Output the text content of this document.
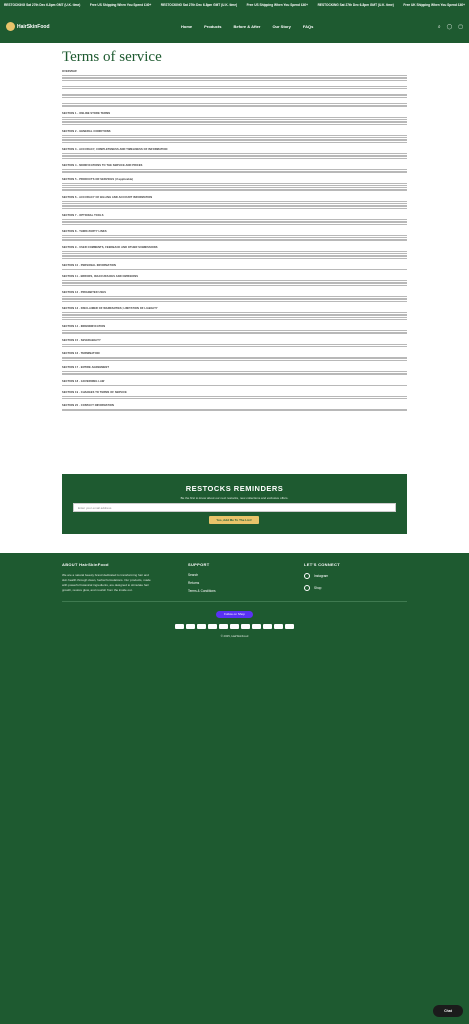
RESTOCKING Sat 27th Dec 6-8pm GMT (U.K. time)	Free US Shipping When You Spend £40+	RESTOCKING Sat 27th Dec 6-8pm GMT (U.K. time)	Free US Shipping When You Spend £40+	RESTOCKING Sat 27th Dec 6-8pm GMT (U.K. time)	Free UK Shipping When You Spend £40+
HairSkinFood	Home	Products	Before & After	Our Story	FAQs	⌕ ◯ ▢
Terms of service
OVERVIEW
SECTION 1 - ONLINE STORE TERMS
SECTION 2 - GENERAL CONDITIONS
SECTION 3 - ACCURACY, COMPLETENESS AND TIMELINESS OF INFORMATION
SECTION 4 - MODIFICATIONS TO THE SERVICE AND PRICES
SECTION 5 - PRODUCTS OR SERVICES (if applicable)
SECTION 6 - ACCURACY OF BILLING AND ACCOUNT INFORMATION
SECTION 7 - OPTIONAL TOOLS
SECTION 8 - THIRD-PARTY LINKS
SECTION 9 - USER COMMENTS, FEEDBACK AND OTHER SUBMISSIONS
SECTION 10 - PERSONAL INFORMATION
SECTION 11 - ERRORS, INACCURACIES AND OMISSIONS
SECTION 12 - PROHIBITED USES
SECTION 13 - DISCLAIMER OF WARRANTIES; LIMITATION OF LIABILITY
SECTION 14 - INDEMNIFICATION
SECTION 15 - SEVERABILITY
SECTION 16 - TERMINATION
SECTION 17 - ENTIRE AGREEMENT
SECTION 18 - GOVERNING LAW
SECTION 19 - CHANGES TO TERMS OF SERVICE
SECTION 20 - CONTACT INFORMATION
RESTOCKS REMINDERS

Be the first to know about our next restocks, new collections and exclusive offers.

Enter your email address
Yes, Add Me To The List!
ABOUT HairSkinFood
We are a natural beauty brand dedicated to transforming hair and skin health through clean, herbal formulations. Our products, made with powerful botanical ingredients, are designed to stimulate hair growth, restore glow, and nourish from the inside out.
SUPPORT
Search
Returns
Terms & Conditions
LET'S CONNECT
Instagram
Shop
Follow on Shop
© 2025, HairSkinFood
Chat
